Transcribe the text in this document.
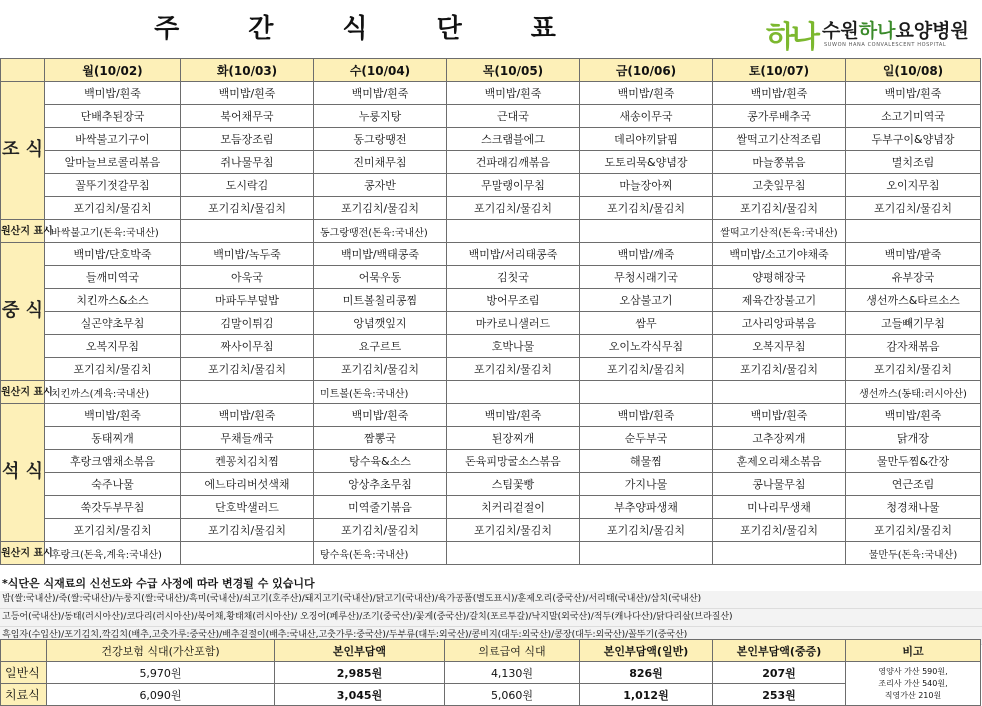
주 간 식 단 표	하나 수원하나요양병원
SUWON HANA CONVALESCENT HOSPITAL
	월(10/02)	화(10/03)	수(10/04)	목(10/05)	금(10/06)	토(10/07)	일(10/08)
조 식	백미밥/흰죽	백미밥/흰죽	백미밥/흰죽	백미밥/흰죽	백미밥/흰죽	백미밥/흰죽	백미밥/흰죽
	단배추된장국	북어채무국	누룽지탕	근대국	새송이무국	콩가루배추국	소고기미역국
	바싹불고기구이	모듬장조림	동그랑땡전	스크램블에그	데리야끼닭핌	쌀떡고기산적조림	두부구이&양념장
	알마늘브로콜리볶음	쥐나물무침	진미채무침	건파래김깨볶음	도토리묵&양념장	마늘쫑볶음	멸치조림
	꼴뚜기젓갈무침	도시락김	콩자반	무말랭이무침	마늘장아찌	고춧잎무침	오이지무침
	포기김치/물김치	포기김치/물김치	포기김치/물김치	포기김치/물김치	포기김치/물김치	포기김치/물김치	포기김치/물김치
원산지 표시	바싹불고기(돈육:국내산)		동그랑땡전(돈육:국내산)			쌀떡고기산적(돈육:국내산)	
중 식	백미밥/단호박죽	백미밥/녹두죽	백미밥/백태콩죽	백미밥/서리태콩죽	백미밥/깨죽	백미밥/소고기야채죽	백미밥/팥죽
	들깨미역국	아욱국	어묵우동	김칫국	무청시래기국	양평해장국	유부장국
	치킨까스&소스	마파두부덮밥	미트볼칠리콩찜	방어무조림	오삼불고기	제육간장불고기	생선까스&타르소스
	실곤약초무침	김말이튀김	앙념깻잎지	마카로니샐러드	쌈무	고사리앙파볶음	고들빼기무침
	오복지무침	짜사이무침	요구르트	호박나물	오이노각식무침	오복지무침	감자채볶음
	포기김치/물김치	포기김치/물김치	포기김치/물김치	포기김치/물김치	포기김치/물김치	포기김치/물김치	포기김치/물김치
원산지 표시	치킨까스(계육:국내산)		미트볼(돈육:국내산)				생선까스(동태:러시아산)
석 식	백미밥/흰죽	백미밥/흰죽	백미밥/흰죽	백미밥/흰죽	백미밥/흰죽	백미밥/흰죽	백미밥/흰죽
	동태찌개	무채들깨국	짬뽕국	된장찌개	순두부국	고추장찌개	닭개장
	후랑크앰채소볶음	켄꽁치김치찜	탕수육&소스	돈육피망굴소스볶음	해물찜	훈제오리채소볶음	물만두찜&간장
	숙주나물	에느타리버섯색채	앙상추초무침	스팀꽃빵	가지나물	콩나물무침	연근조림
	쑥갓두부무침	단호박샐러드	미역줄기볶음	치커리겉절이	부추양파생채	미나리무생채	청경채나물
	포기김치/물김치	포기김치/물김치	포기김치/물김치	포기김치/물김치	포기김치/물김치	포기김치/물김치	포기김치/물김치
원산지 표시	후랑크(돈육,계육:국내산)		탕수육(돈육:국내산)				물만두(돈육:국내산)
*식단은 식재료의 신선도와 수급 사정에 따라 변경될 수 있습니다
밥(쌀:국내산)/죽(쌀:국내산)/누룽지(쌀:국내산)/흑미(국내산)/쇠고기(호주산)/돼지고기(국내산)/닭고기(국내산)/육가공품(별도표시)/훈제오리(중국산)/서리태(국내산)/삼치(국내산)
고등어(국내산)/동태(러시아산)/코다리(러시아산)/북어채,황태채(러시아산)/ 오징어(페루산)/조기(중국산)/꽃게(중국산)/갈치(포르투갈)/낙지말(외국산)/적두(캐나다산)/닭다리살(브라질산)
흑임자(수입산)/포기김치,깍김치(배추,고춧가루:중국산)/배추겉절이(배추:국내산,고춧가루:중국산)/두부류(대두:외국산)/콩비지(대두:외국산)/콩장(대두:외국산)/꼴뚜기(중국산)
	건강보험 식대(가산포함)	본인부담액	의료급여 식대	본인부담액(일반)	본인부담액(중증)	비고
일반식	5,970원	2,985원	4,130원	826원	207원	영양사 가산 590원,
조리사 가산 540원,
직영가산 210원

치료식	6,090원	3,045원	5,060원	1,012원	253원	
